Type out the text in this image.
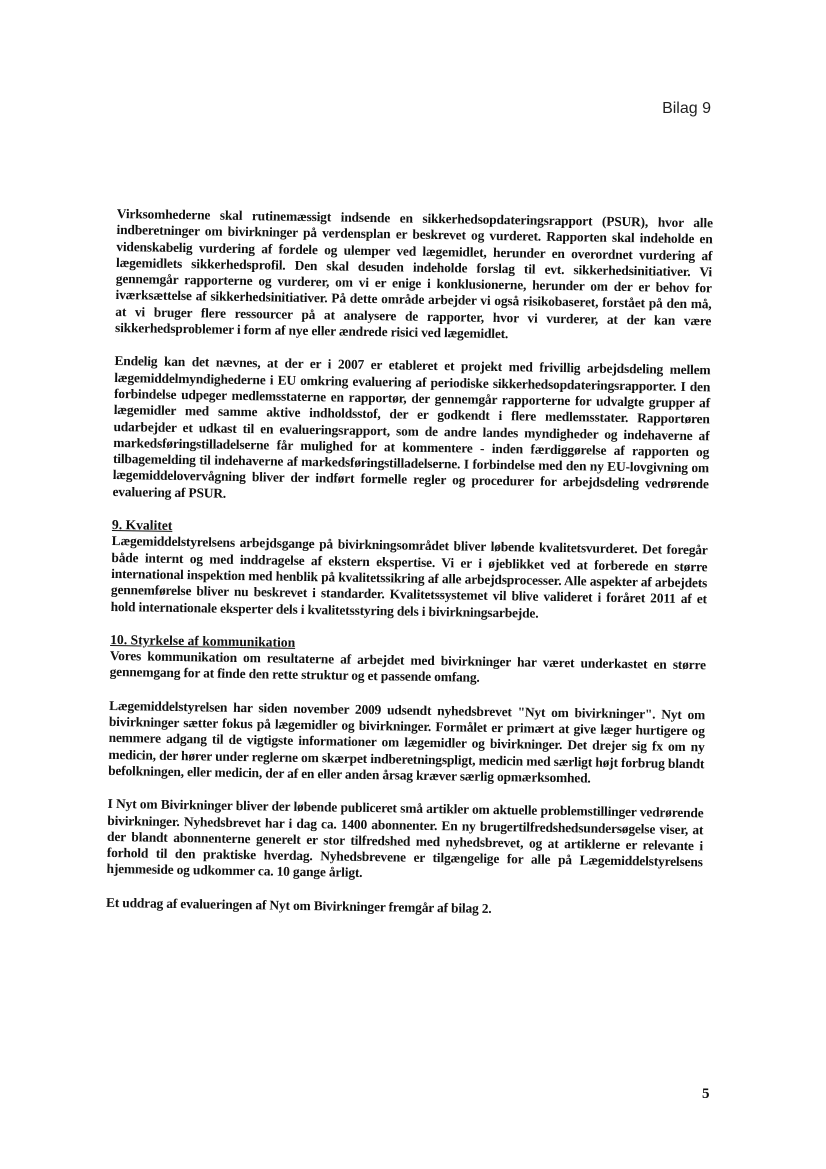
Bilag 9

Virksomhederne skal rutinemæssigt indsende en sikkerhedsopdateringsrapport (PSUR), hvor alle indberetninger om bivirkninger på verdensplan er beskrevet og vurderet. Rapporten skal indeholde en videnskabelig vurdering af fordele og ulemper ved lægemidlet, herunder en overordnet vurdering af lægemidlets sikkerhedsprofil. Den skal desuden indeholde forslag til evt. sikkerhedsinitiativer. Vi gennemgår rapporterne og vurderer, om vi er enige i konklusionerne, herunder om der er behov for iværksættelse af sikkerhedsinitiativer. På dette område arbejder vi også risikobaseret, forstået på den må, at vi bruger flere ressourcer på at analysere de rapporter, hvor vi vurderer, at der kan være sikkerhedsproblemer i form af nye eller ændrede risici ved lægemidlet.

Endelig kan det nævnes, at der er i 2007 er etableret et projekt med frivillig arbejdsdeling mellem lægemiddelmyndighederne i EU omkring evaluering af periodiske sikkerhedsopdateringsrapporter. I den forbindelse udpeger medlemsstaterne en rapportør, der gennemgår rapporterne for udvalgte grupper af lægemidler med samme aktive indholdsstof, der er godkendt i flere medlemsstater. Rapportøren udarbejder et udkast til en evalueringsrapport, som de andre landes myndigheder og indehaverne af markedsføringstilladelserne får mulighed for at kommentere - inden færdiggørelse af rapporten og tilbagemelding til indehaverne af markedsføringstilladelserne. I forbindelse med den ny EU-lovgivning om lægemiddelovervågning bliver der indført formelle regler og procedurer for arbejdsdeling vedrørende evaluering af PSUR.

9. Kvalitet

Lægemiddelstyrelsens arbejdsgange på bivirkningsområdet bliver løbende kvalitetsvurderet. Det foregår både internt og med inddragelse af ekstern ekspertise. Vi er i øjeblikket ved at forberede en større international inspektion med henblik på kvalitetssikring af alle arbejdsprocesser. Alle aspekter af arbejdets gennemførelse bliver nu beskrevet i standarder. Kvalitetssystemet vil blive valideret i foråret 2011 af et hold internationale eksperter dels i kvalitetsstyring dels i bivirkningsarbejde.

10. Styrkelse af kommunikation

Vores kommunikation om resultaterne af arbejdet med bivirkninger har været underkastet en større gennemgang for at finde den rette struktur og et passende omfang.

Lægemiddelstyrelsen har siden november 2009 udsendt nyhedsbrevet "Nyt om bivirkninger". Nyt om bivirkninger sætter fokus på lægemidler og bivirkninger. Formålet er primært at give læger hurtigere og nemmere adgang til de vigtigste informationer om lægemidler og bivirkninger. Det drejer sig fx om ny medicin, der hører under reglerne om skærpet indberetningspligt, medicin med særligt højt forbrug blandt befolkningen, eller medicin, der af en eller anden årsag kræver særlig opmærksomhed.

I Nyt om Bivirkninger bliver der løbende publiceret små artikler om aktuelle problemstillinger vedrørende bivirkninger. Nyhedsbrevet har i dag ca. 1400 abonnenter. En ny brugertilfredshedsundersøgelse viser, at der blandt abonnenterne generelt er stor tilfredshed med nyhedsbrevet, og at artiklerne er relevante i forhold til den praktiske hverdag. Nyhedsbrevene er tilgængelige for alle på Lægemiddelstyrelsens hjemmeside og udkommer ca. 10 gange årligt.

Et uddrag af evalueringen af Nyt om Bivirkninger fremgår af bilag 2.

5
